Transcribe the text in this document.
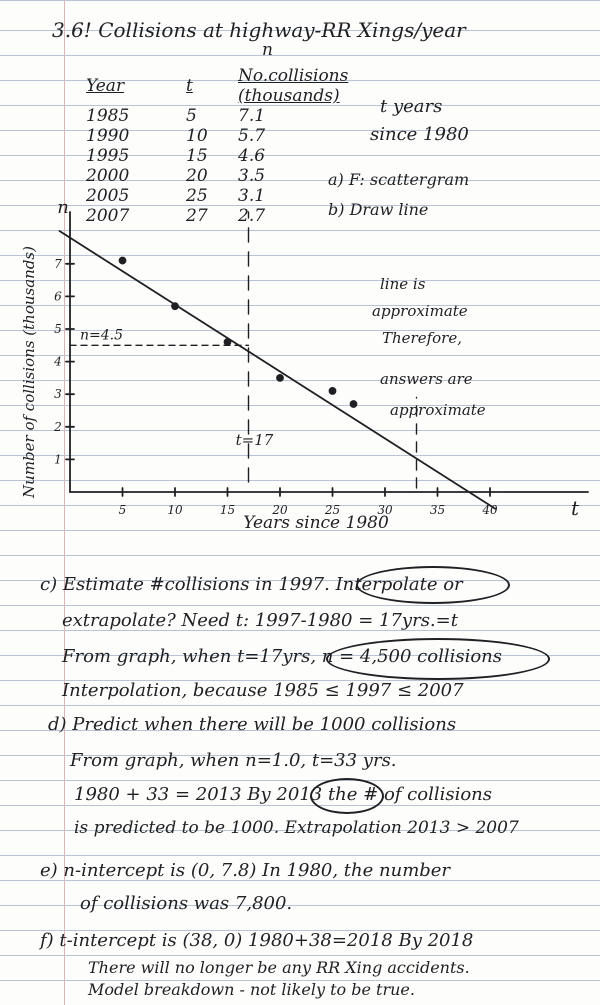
3.6! Collisions at highway-RR Xings/year
n
Year	t	No.collisions (thousands)
1985	5	7.1
1990	10	5.7
1995	15	4.6
2000	20	3.5
2005	25	3.1
2007	27	2.7
t years
since 1980
a) F: scattergram
b) Draw line
t
n
5	10	15	20	25	30	35	40
1
2
3
4
5
6
7
Years since 1980
Number of collisions (thousands)	n=4.5
t=17
line is
approximate
Therefore,
answers are
approximate
c) Estimate #collisions in 1997. Interpolate or
extrapolate? Need t: 1997-1980 = 17yrs.=t
From graph, when t=17yrs, n = 4,500 collisions
Interpolation, because 1985 ≤ 1997 ≤ 2007
d) Predict when there will be 1000 collisions
From graph, when n=1.0, t=33 yrs.
1980 + 33 = 2013 By 2013 the # of collisions
is predicted to be 1000. Extrapolation 2013 > 2007
e) n-intercept is (0, 7.8) In 1980, the number
of collisions was 7,800.
f) t-intercept is (38, 0) 1980+38=2018 By 2018
There will no longer be any RR Xing accidents.
Model breakdown - not likely to be true.
